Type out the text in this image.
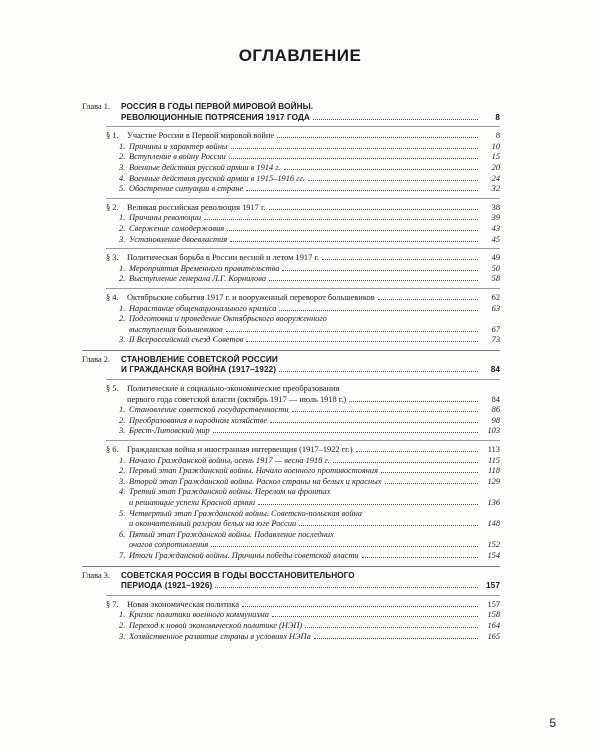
ОГЛАВЛЕНИЕ
Глава 1.	РОССИЯ В ГОДЫ ПЕРВОЙ МИРОВОЙ ВОЙНЫ.
РЕВОЛЮЦИОННЫЕ ПОТРЯСЕНИЯ 1917 ГОДА	8
§ 1.	Участие России в Первой мировой войне	8
1. Причины и характер войны	10
2. Вступление в войну России	15
3. Военные действия русской армии в 1914 г.	20
4. Военные действия русской армии в 1915–1916 гг.	24
5. Обострение ситуации в стране	32
§ 2.	Великая российская революция 1917 г.	38
1. Причины революции	39
2. Свержение самодержавия	43
3. Установление двоевластия	45
§ 3.	Политическая борьба в России весной и летом 1917 г.	49
1. Мероприятия Временного правительства	50
2. Выступление генерала Л.Г. Корнилова	58
§ 4.	Октябрьские события 1917 г. и вооруженный переворот большевиков	62
1. Нарастание общенационального кризиса	63
2. Подготовка и проведение Октябрьского вооруженного
выступления большевиков	67
3. II Всероссийский съезд Советов	73
Глава 2.	СТАНОВЛЕНИЕ СОВЕТСКОЙ РОССИИ
И ГРАЖДАНСКАЯ ВОЙНА (1917–1922)	84
§ 5.	Политические и социально-экономические преобразования
первого года советской власти (октябрь 1917 — июль 1918 г.)	84
1. Становление советской государственности	86
2. Преобразования в народном хозяйстве	98
3. Брест-Литовский мир	103
§ 6.	Гражданская война и иностранная интервенция (1917–1922 гг.)	113
1. Начало Гражданской войны, осень 1917 — весна 1918 г.	115
2. Первый этап Гражданской войны. Начало военного противостояния	118
3. Второй этап Гражданской войны. Раскол страны на белых и красных	129
4. Третий этап Гражданской войны. Перелом на фронтах
и решающие успехи Красной армии	136
5. Четвертый этап Гражданской войны. Советско-польская война
и окончательный разгром белых на юге России	148
6. Пятый этап Гражданской войны. Подавление последних
очагов сопротивления	152
7. Итоги Гражданской войны. Причины победы советской власти	154
Глава 3.	СОВЕТСКАЯ РОССИЯ В ГОДЫ ВОССТАНОВИТЕЛЬНОГО
ПЕРИОДА (1921–1926)	157
§ 7.	Новая экономическая политика	157
1. Кризис политики военного коммунизма	158
2. Переход к новой экономической политике (НЭП)	164
3. Хозяйственное развитие страны в условиях НЭПа	165
5
